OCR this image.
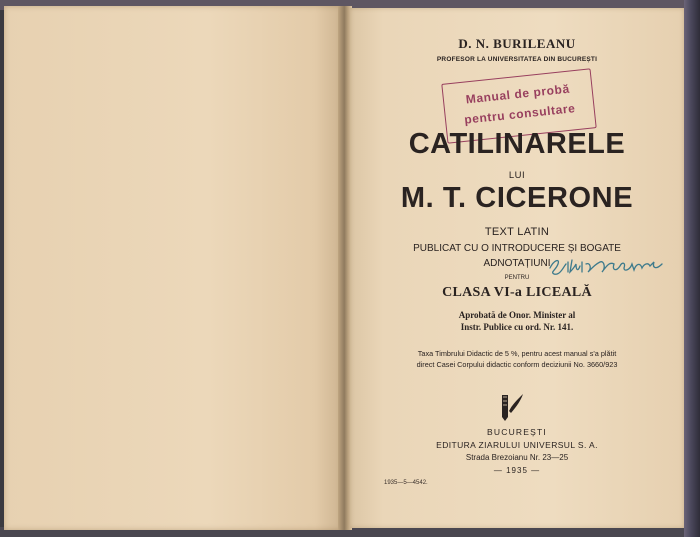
D. N. BURILEANU

PROFESOR LA UNIVERSITATEA DIN BUCUREȘTI

Manual de probă

pentru consultare

CATILINARELE

LUI

M. T. CICERONE

TEXT LATIN

PUBLICAT CU O INTRODUCERE ȘI BOGATE

ADNOTAȚIUNI

PENTRU

CLASA VI-a LICEALĂ

Aprobată de Onor. Minister al

Instr. Publice cu ord. Nr. 141.

Taxa Timbrului Didactic de 5 %, pentru acest manual s'a plătit

direct Casei Corpului didactic conform deciziunii No. 3660/923

BUCUREȘTI

EDITURA ZIARULUI UNIVERSUL S. A.

Strada Brezoianu Nr. 23—25

— 1935 —

1935—5—4542.
